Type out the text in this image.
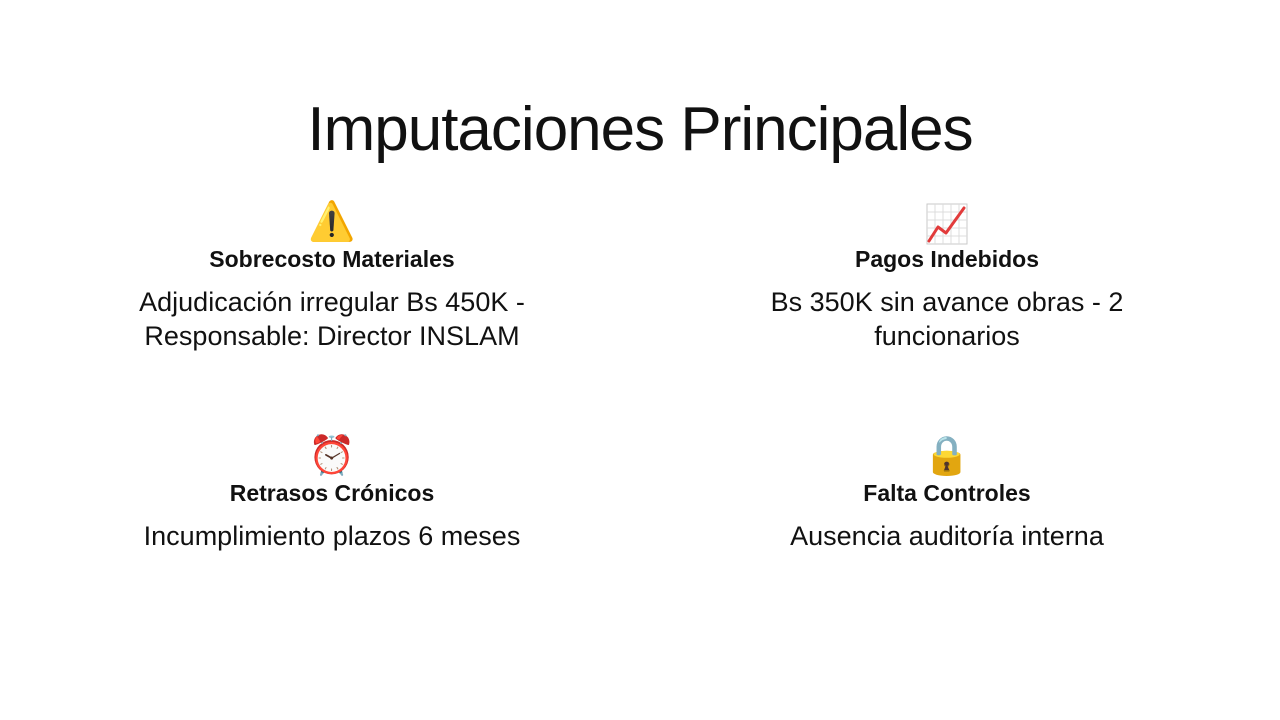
Imputaciones Principales
⚠️
Sobrecosto Materiales
Adjudicación irregular Bs 450K - Responsable: Director INSLAM
Pagos Indebidos
Bs 350K sin avance obras - 2 funcionarios
⏰
Retrasos Crónicos
Incumplimiento plazos 6 meses
🔒
Falta Controles
Ausencia auditoría interna
